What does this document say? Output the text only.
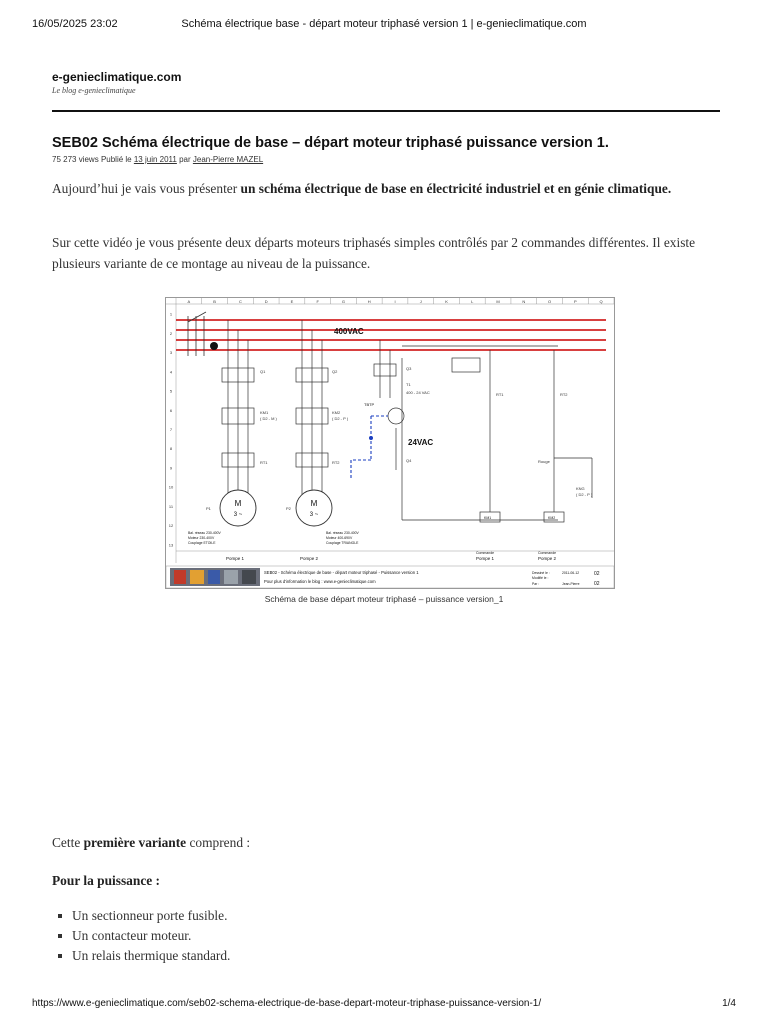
16/05/2025 23:02	Schéma électrique base - départ moteur triphasé version 1 | e-genieclimatique.com
e-genieclimatique.com
Le blog e-genieclimatique
SEB02 Schéma électrique de base – départ moteur triphasé puissance version 1.
75 273 views Publié le 13 juin 2011 par Jean-Pierre MAZEL

Aujourd’hui je vais vous présenter un schéma électrique de base en électricité industriel et en génie climatique.

Sur cette vidéo je vous présente deux départs moteurs triphasés simples contrôlés par 2 commandes différentes. Il existe plusieurs variante de ce montage au niveau de la puissance.

A	B	C	D	E	F	G	H	I	J	K	L	M	N	O	P	Q
1
2
3
4
5
6
7
8
9
10
11
12
13
400VAC
M
3 ~
Q1
KM1
( D2 - M )
RT1
P1
Bal. réseau 230-400V
Moteur 230-400V
Couplage ETOILE
M
3 ~
Q2
KM2
( D2 - P )
RT2
P2
Bal. réseau 230-400V
Moteur 400-690V
Couplage TRIANGLE
TBTP
T1
400 - 24 VAC
24VAC
Q3
Q4
KM1	KM2
RT1	RT2
Rouge
KNG
( D2 - P )
Pompe 1	Pompe 2
Commande
Pompe 1
Commande
Pompe 2
SEB02 - Schéma électrique de base - départ moteur triphasé - Puissance version 1
Pour plus d'information le blog : www.e-genieclimatique.com
Dessiné le :
Modifié le :
Par :
2011-06-12
Jean-Pierre
02
02
Schéma de base départ moteur triphasé – puissance version_1

Cette première variante comprend :

Pour la puissance :

Un sectionneur porte fusible.
Un contacteur moteur.
Un relais thermique standard.
https://www.e-genieclimatique.com/seb02-schema-electrique-de-base-depart-moteur-triphase-puissance-version-1/	1/4
